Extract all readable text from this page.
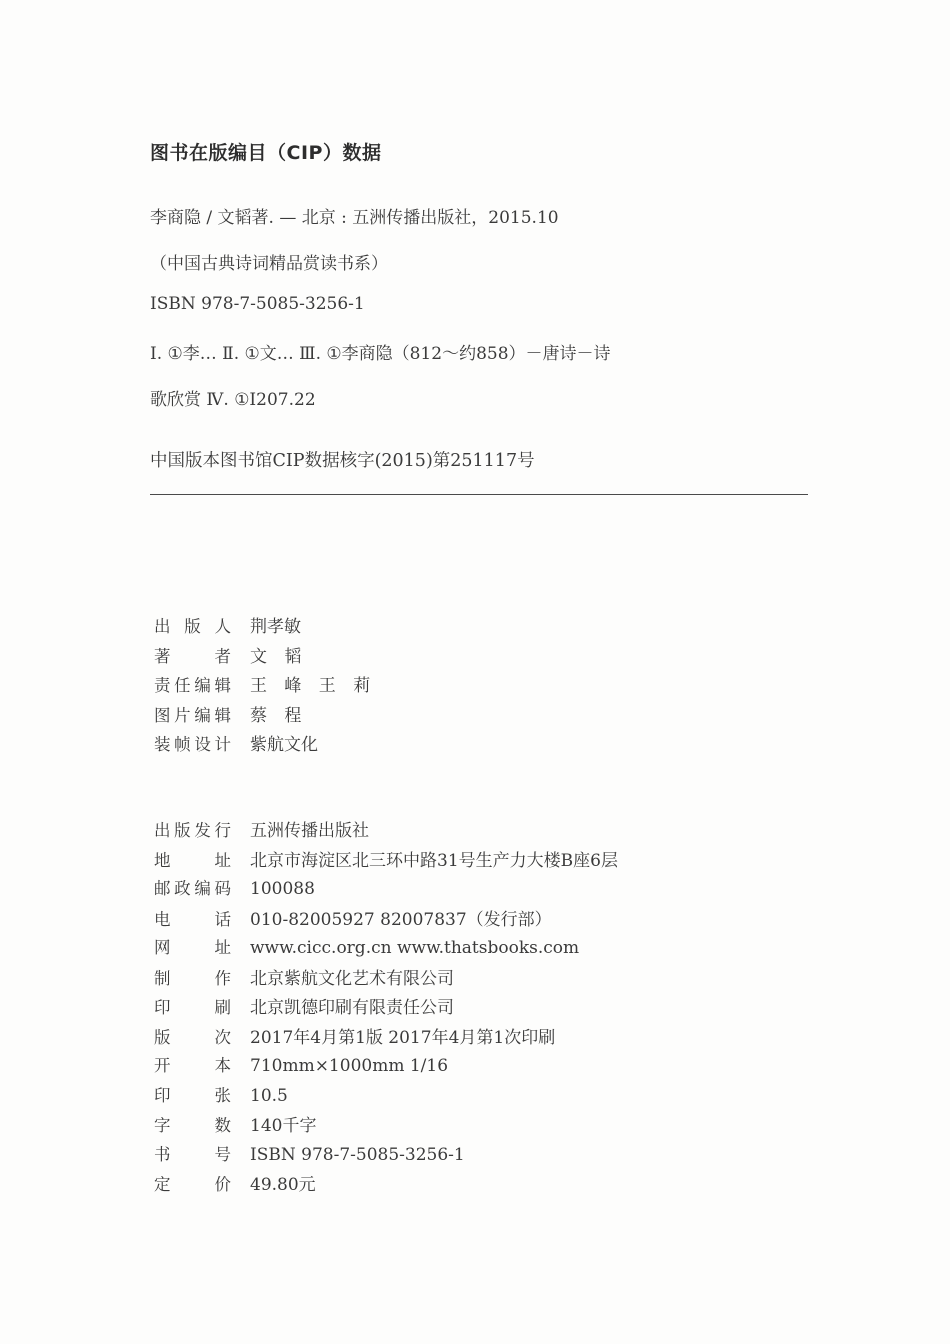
图书在版编目（CIP）数据
李商隐 / 文韬著. — 北京 : 五洲传播出版社，2015.10
（中国古典诗词精品赏读书系）
ISBN 978-7-5085-3256-1
Ⅰ. ①李… Ⅱ. ①文… Ⅲ. ①李商隐（812～约858）－唐诗－诗
歌欣赏 Ⅳ. ①I207.22
中国版本图书馆CIP数据核字(2015)第251117号
出版人 荆孝敏
著者 文 韬
责任编辑 王 峰 王 莉
图片编辑 蔡 程
装帧设计 紫航文化
出版发行 五洲传播出版社
地址 北京市海淀区北三环中路31号生产力大楼B座6层
邮政编码 100088
电话 010-82005927 82007837（发行部）
网址 www.cicc.org.cn www.thatsbooks.com
制作 北京紫航文化艺术有限公司
印刷 北京凯德印刷有限责任公司
版次 2017年4月第1版 2017年4月第1次印刷
开本 710mm×1000mm 1/16
印张 10.5
字数 140千字
书号 ISBN 978-7-5085-3256-1
定价 49.80元
